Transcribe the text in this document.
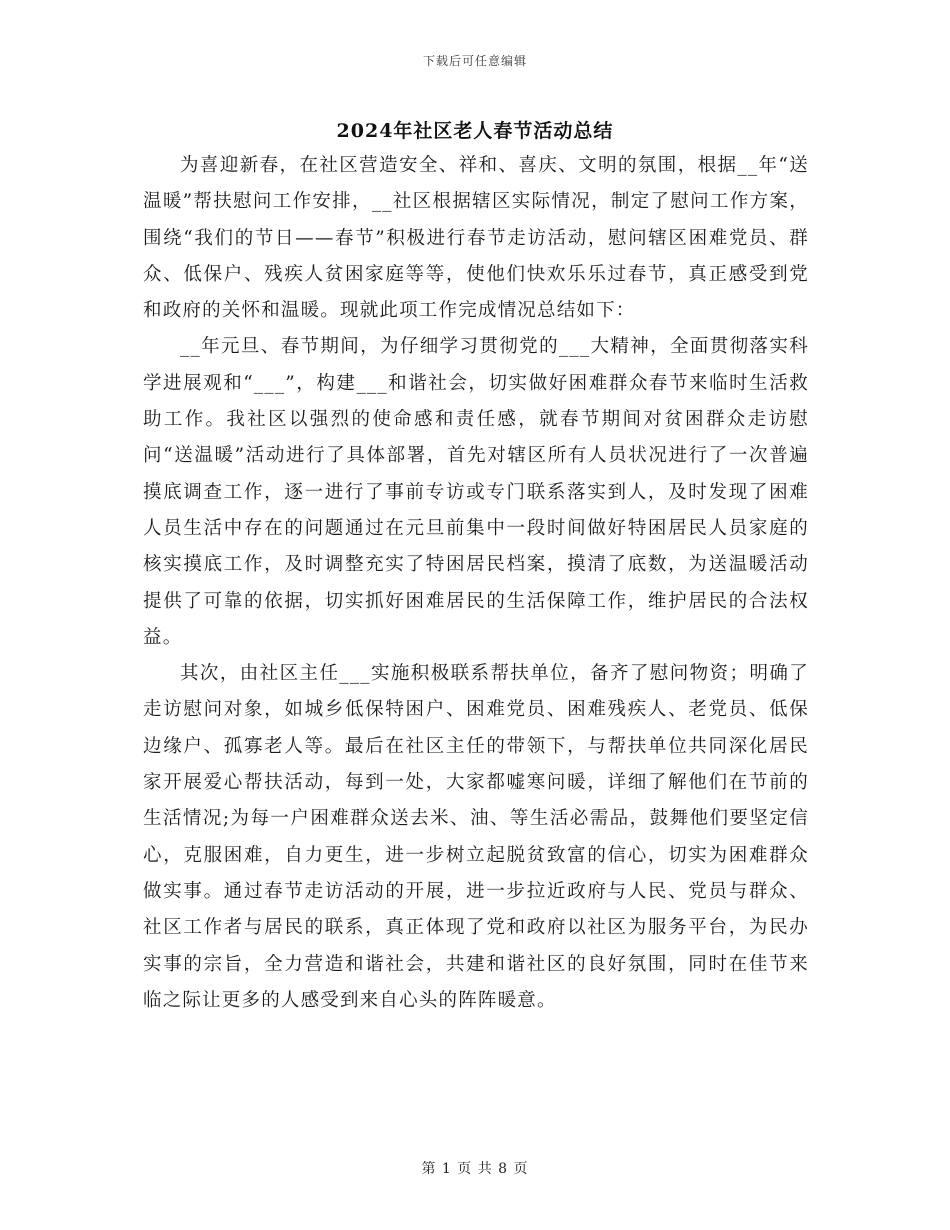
下载后可任意编辑
2024年社区老人春节活动总结

为喜迎新春，在社区营造安全、祥和、喜庆、文明的氛围，根据__年“送温暖”帮扶慰问工作安排，__社区根据辖区实际情况，制定了慰问工作方案，围绕“我们的节日——春节”积极进行春节走访活动，慰问辖区困难党员、群众、低保户、残疾人贫困家庭等等，使他们快欢乐乐过春节，真正感受到党和政府的关怀和温暖。现就此项工作完成情况总结如下：

__年元旦、春节期间，为仔细学习贯彻党的___大精神，全面贯彻落实科学进展观和“___”，构建___和谐社会，切实做好困难群众春节来临时生活救助工作。我社区以强烈的使命感和责任感，就春节期间对贫困群众走访慰问“送温暖”活动进行了具体部署，首先对辖区所有人员状况进行了一次普遍摸底调查工作，逐一进行了事前专访或专门联系落实到人，及时发现了困难人员生活中存在的问题通过在元旦前集中一段时间做好特困居民人员家庭的核实摸底工作，及时调整充实了特困居民档案，摸清了底数，为送温暖活动提供了可靠的依据，切实抓好困难居民的生活保障工作，维护居民的合法权益。

其次，由社区主任___实施积极联系帮扶单位，备齐了慰问物资；明确了走访慰问对象，如城乡低保特困户、困难党员、困难残疾人、老党员、低保边缘户、孤寡老人等。最后在社区主任的带领下，与帮扶单位共同深化居民家开展爱心帮扶活动，每到一处，大家都嘘寒问暖，详细了解他们在节前的生活情况;为每一户困难群众送去米、油、等生活必需品，鼓舞他们要坚定信心，克服困难，自力更生，进一步树立起脱贫致富的信心，切实为困难群众做实事。通过春节走访活动的开展，进一步拉近政府与人民、党员与群众、社区工作者与居民的联系，真正体现了党和政府以社区为服务平台，为民办实事的宗旨，全力营造和谐社会，共建和谐社区的良好氛围，同时在佳节来临之际让更多的人感受到来自心头的阵阵暖意。

第 1 页 共 8 页
